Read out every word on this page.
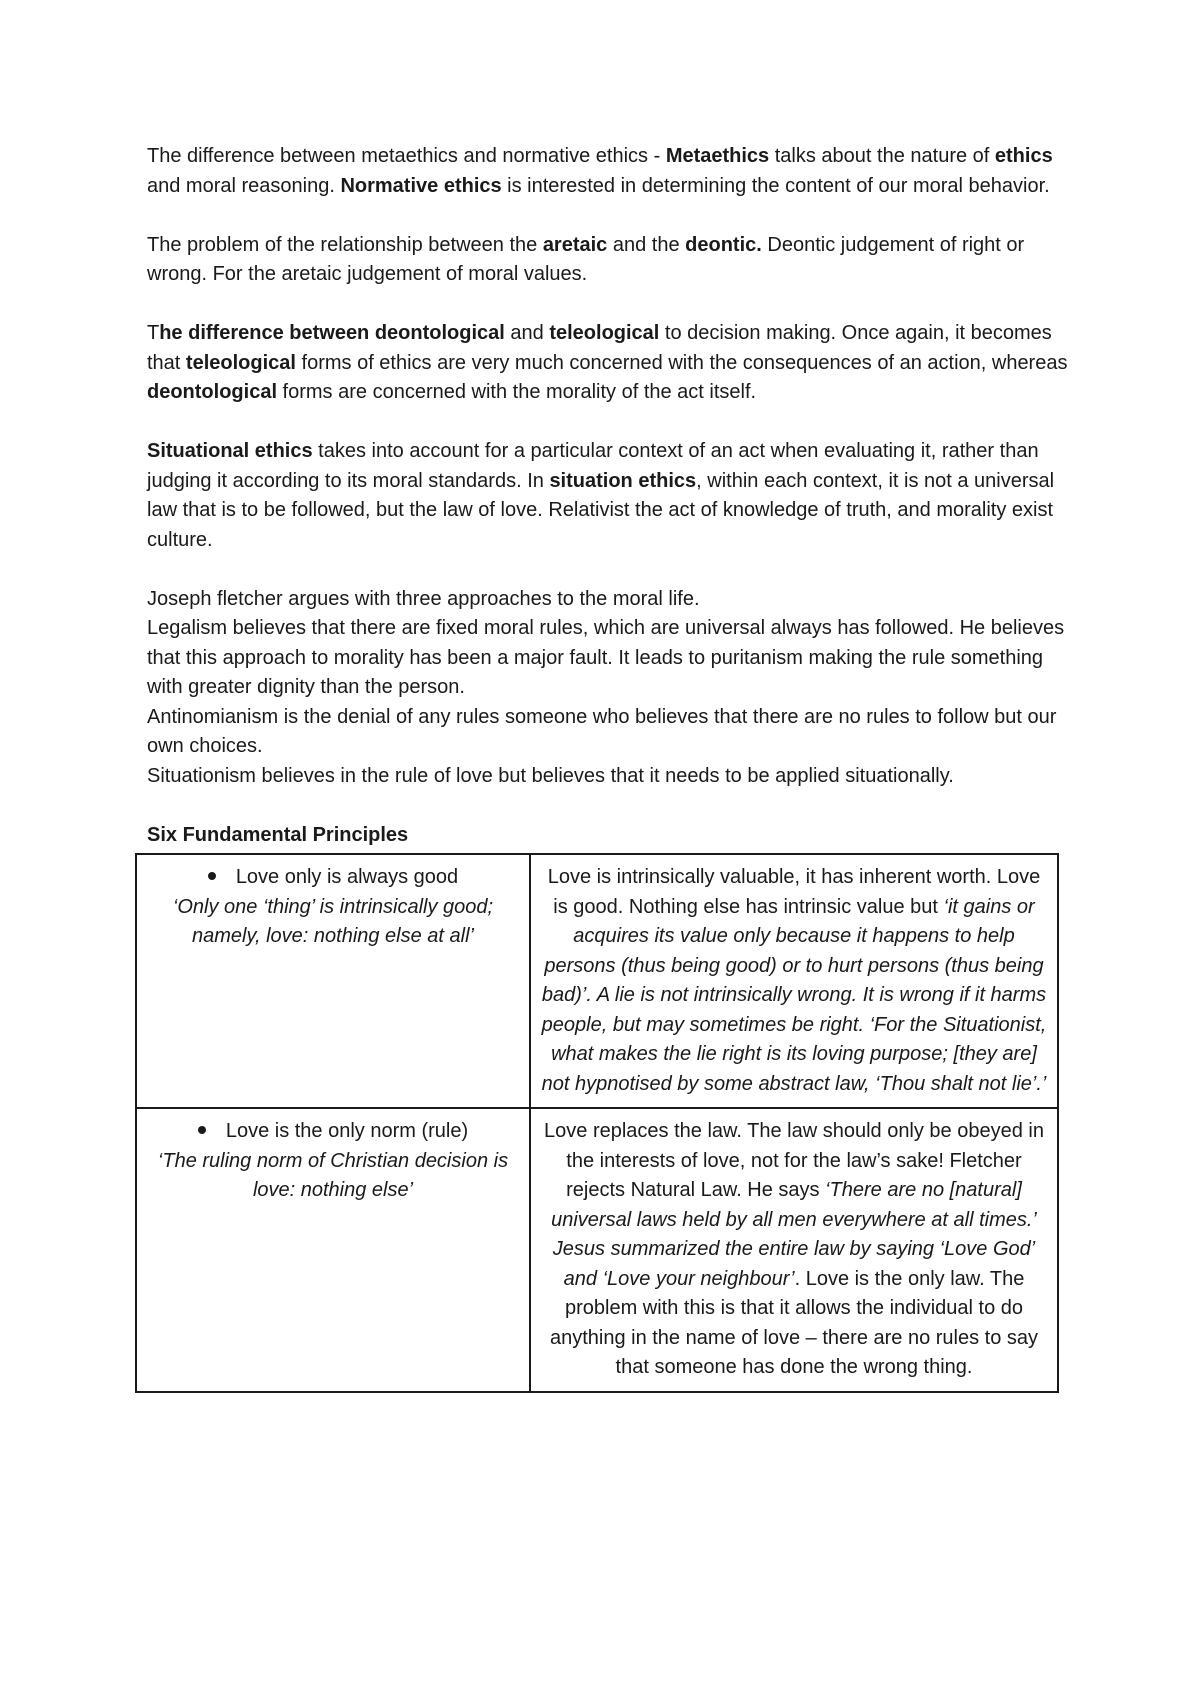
The difference between metaethics and normative ethics - Metaethics talks about the nature of ethics and moral reasoning. Normative ethics is interested in determining the content of our moral behavior.

The problem of the relationship between the aretaic and the deontic. Deontic judgement of right or wrong. For the aretaic judgement of moral values.

The difference between deontological and teleological to decision making. Once again, it becomes that teleological forms of ethics are very much concerned with the consequences of an action, whereas deontological forms are concerned with the morality of the act itself.

Situational ethics takes into account for a particular context of an act when evaluating it, rather than judging it according to its moral standards. In situation ethics, within each context, it is not a universal law that is to be followed, but the law of love. Relativist the act of knowledge of truth, and morality exist culture.

Joseph fletcher argues with three approaches to the moral life.
Legalism believes that there are fixed moral rules, which are universal always has followed. He believes that this approach to morality has been a major fault. It leads to puritanism making the rule something with greater dignity than the person.
Antinomianism is the denial of any rules someone who believes that there are no rules to follow but our own choices.
Situationism believes in the rule of love but believes that it needs to be applied situationally.
Six Fundamental Principles
Love only is always good
‘Only one ‘thing’ is intrinsically good; namely, love: nothing else at all’	Love is intrinsically valuable, it has inherent worth. Love is good. Nothing else has intrinsic value but ‘it gains or acquires its value only because it happens to help persons (thus being good) or to hurt persons (thus being bad)’. A lie is not intrinsically wrong. It is wrong if it harms people, but may sometimes be right. ‘For the Situationist, what makes the lie right is its loving purpose; [they are] not hypnotised by some abstract law, ‘Thou shalt not lie’.’

Love is the only norm (rule)
‘The ruling norm of Christian decision is love: nothing else’	Love replaces the law. The law should only be obeyed in the interests of love, not for the law’s sake! Fletcher rejects Natural Law. He says ‘There are no [natural] universal laws held by all men everywhere at all times.’ Jesus summarized the entire law by saying ‘Love God’ and ‘Love your neighbour’. Love is the only law. The problem with this is that it allows the individual to do anything in the name of love – there are no rules to say that someone has done the wrong thing.
